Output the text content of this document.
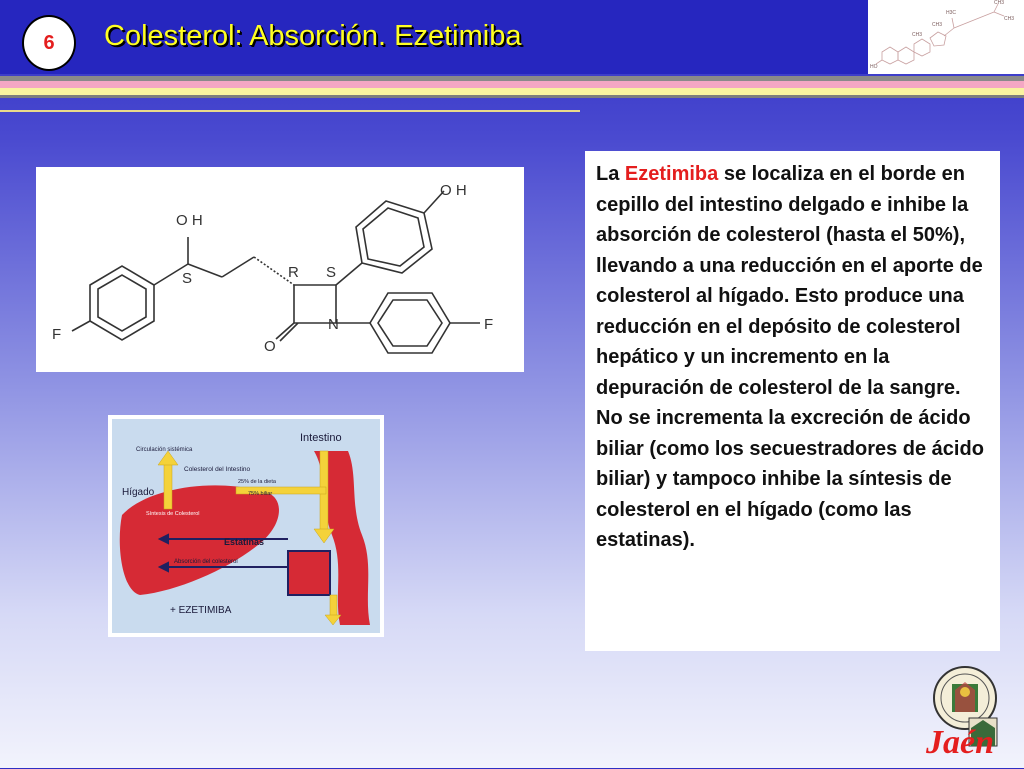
6 Colesterol: Absorción. Ezetimiba
HO
CH3
CH3
H3C
CH3
CH3
O H
S	R S
O H
F
N	F
O
Intestino
Circulación sistémica
Colesterol del Intestino
25% de la dieta
75% biliar
Hígado
Estatinas
Absorción del colesterol
+ EZETIMIBA
Síntesis de Colesterol

La Ezetimiba se localiza en el borde en cepillo del intestino delgado e inhibe la absorción de colesterol (hasta el 50%), llevando a una reducción en el aporte de colesterol al hígado. Esto produce una reducción en el depósito de colesterol hepático y un incremento en la depuración de colesterol de la sangre. No se incrementa la excreción de ácido biliar (como los secuestradores de ácido biliar) y tampoco inhibe la síntesis de colesterol en el hígado (como las estatinas).

Jaén
